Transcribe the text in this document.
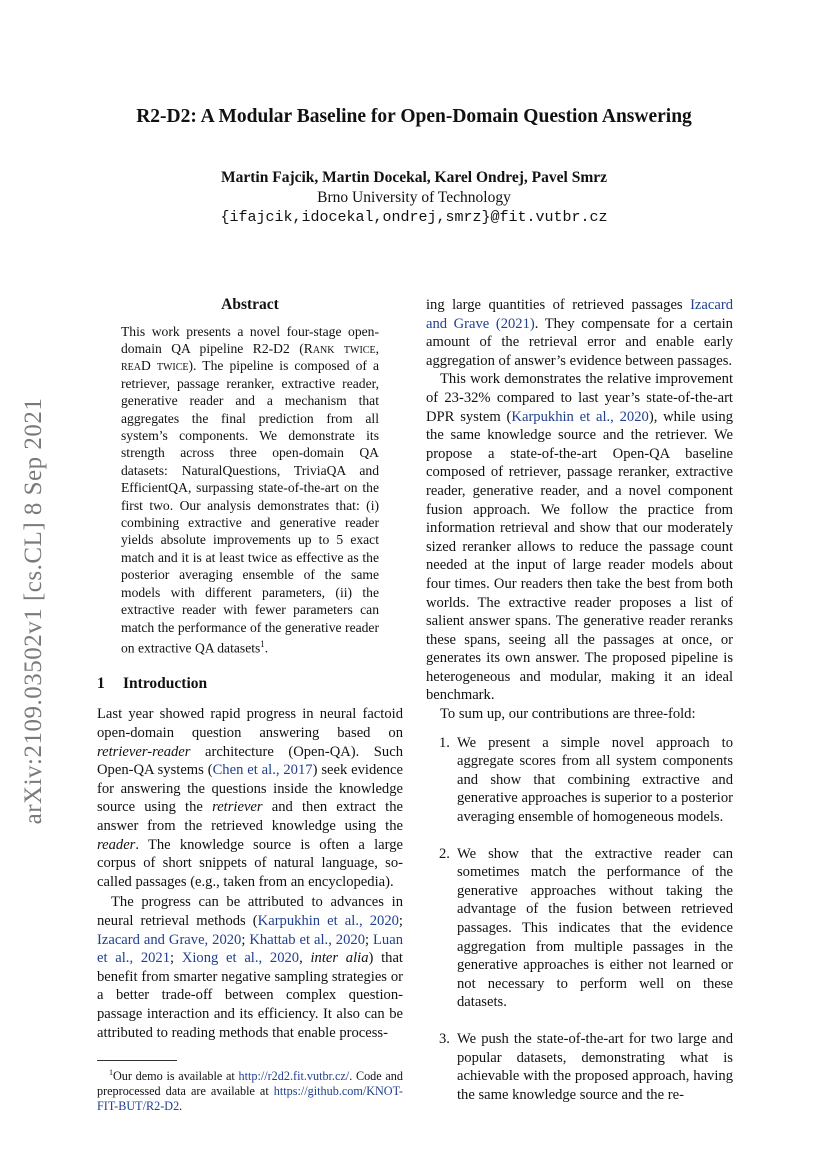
arXiv:2109.03502v1 [cs.CL] 8 Sep 2021
R2-D2: A Modular Baseline for Open-Domain Question Answering
Martin Fajcik, Martin Docekal, Karel Ondrej, Pavel Smrz
Brno University of Technology
{ifajcik,idocekal,ondrej,smrz}@fit.vutbr.cz
Abstract

This work presents a novel four-stage open-domain QA pipeline R2-D2 (Rank twice, reaD twice). The pipeline is composed of a retriever, passage reranker, extractive reader, generative reader and a mechanism that aggregates the final prediction from all system’s components. We demonstrate its strength across three open-domain QA datasets: NaturalQuestions, TriviaQA and EfficientQA, surpassing state-of-the-art on the first two. Our analysis demonstrates that: (i) combining extractive and generative reader yields absolute improvements up to 5 exact match and it is at least twice as effective as the posterior averaging ensemble of the same models with different parameters, (ii) the extractive reader with fewer parameters can match the performance of the generative reader on extractive QA datasets$^1$.

1 Introduction

Last year showed rapid progress in neural factoid open-domain question answering based on retriever-reader architecture (Open-QA). Such Open-QA systems (Chen et al., 2017) seek evidence for answering the questions inside the knowledge source using the retriever and then extract the answer from the retrieved knowledge using the reader. The knowledge source is often a large corpus of short snippets of natural language, so-called passages (e.g., taken from an encyclopedia).

The progress can be attributed to advances in neural retrieval methods (Karpukhin et al., 2020; Izacard and Grave, 2020; Khattab et al., 2020; Luan et al., 2021; Xiong et al., 2020, inter alia) that benefit from smarter negative sampling strategies or a better trade-off between complex question-passage interaction and its efficiency. It also can be attributed to reading methods that enable process-

$^1$Our demo is available at http://r2d2.fit.vutbr.cz/. Code and preprocessed data are available at https://github.com/KNOT-FIT-BUT/R2-D2.

ing large quantities of retrieved passages Izacard and Grave (2021). They compensate for a certain amount of the retrieval error and enable early aggregation of answer’s evidence between passages.

This work demonstrates the relative improvement of 23-32% compared to last year’s state-of-the-art DPR system (Karpukhin et al., 2020), while using the same knowledge source and the retriever. We propose a state-of-the-art Open-QA baseline composed of retriever, passage reranker, extractive reader, generative reader, and a novel component fusion approach. We follow the practice from information retrieval and show that our moderately sized reranker allows to reduce the passage count needed at the input of large reader models about four times. Our readers then take the best from both worlds. The extractive reader proposes a list of salient answer spans. The generative reader reranks these spans, seeing all the passages at once, or generates its own answer. The proposed pipeline is heterogeneous and modular, making it an ideal benchmark.

To sum up, our contributions are three-fold:

1. We present a simple novel approach to aggregate scores from all system components and show that combining extractive and generative approaches is superior to a posterior averaging ensemble of homogeneous models.
2. We show that the extractive reader can sometimes match the performance of the generative approaches without taking the advantage of the fusion between retrieved passages. This indicates that the evidence aggregation from multiple passages in the generative approaches is either not learned or not necessary to perform well on these datasets.
3. We push the state-of-the-art for two large and popular datasets, demonstrating what is achievable with the proposed approach, having the same knowledge source and the re-
